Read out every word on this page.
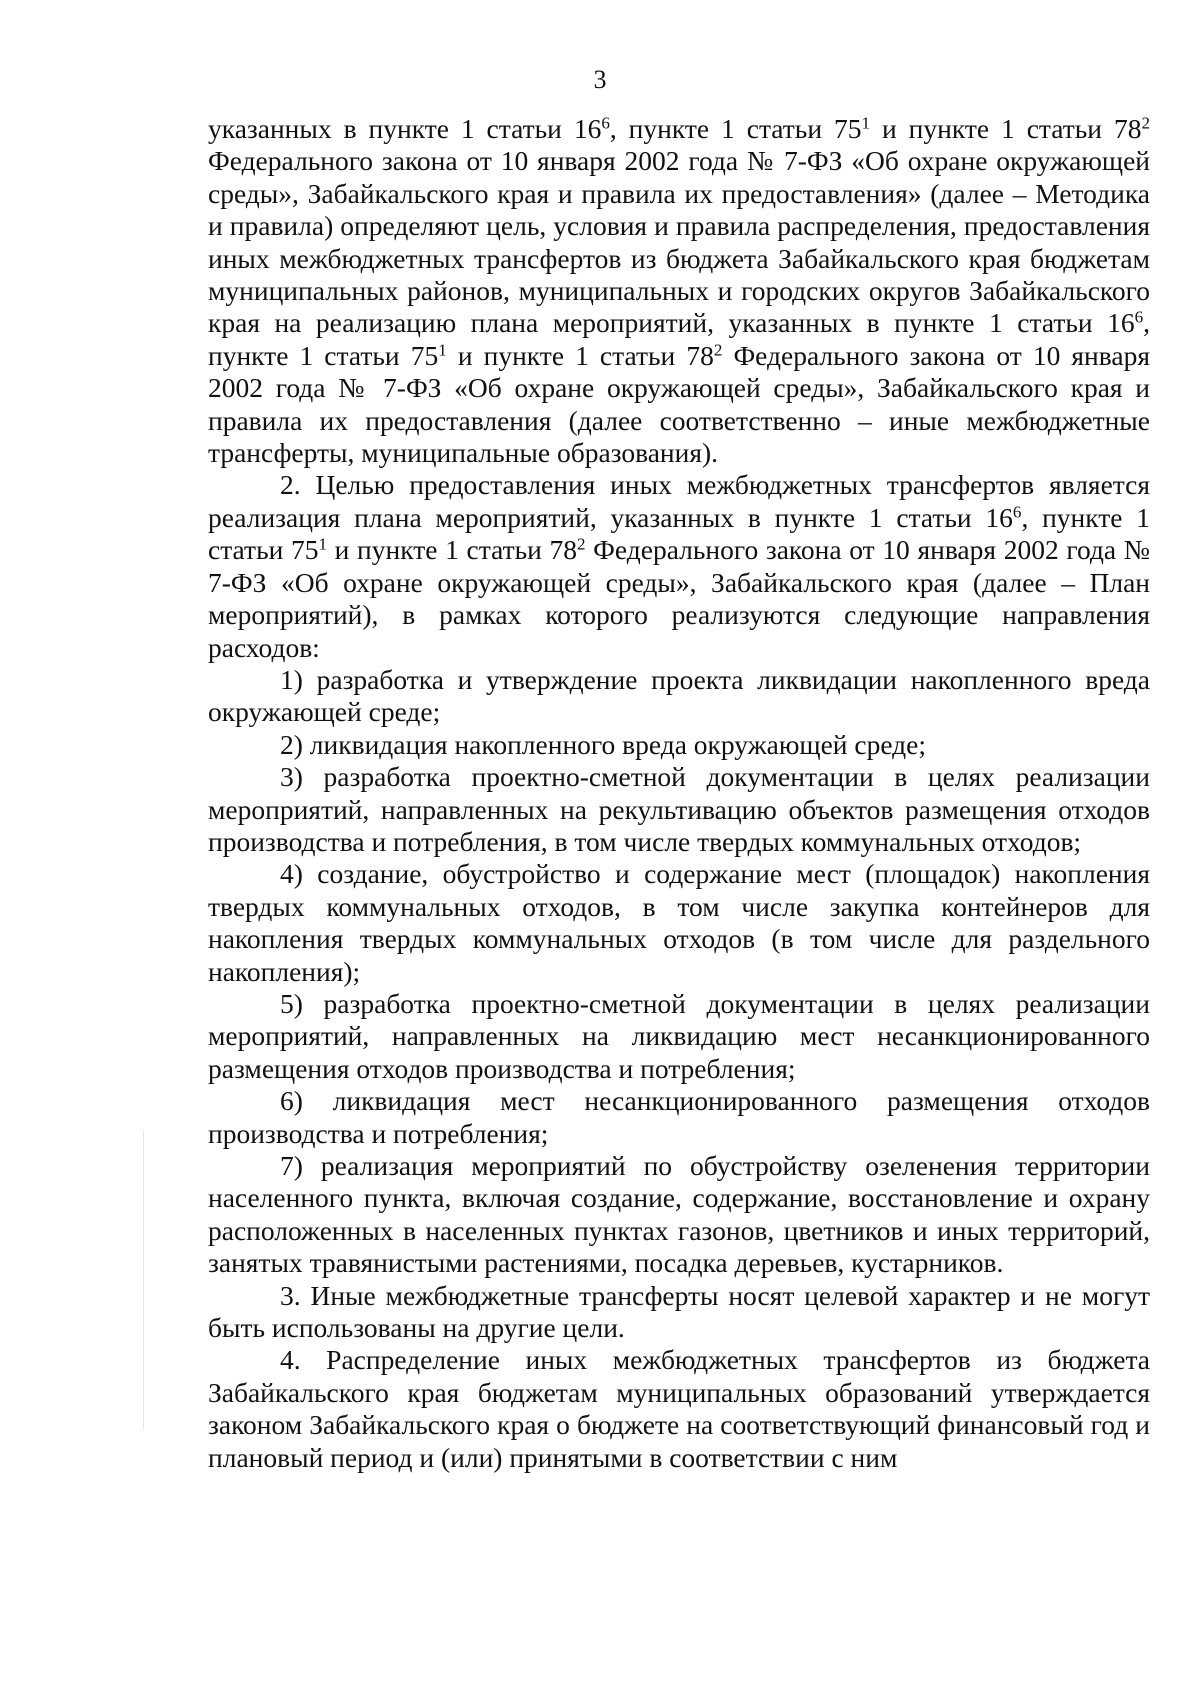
3

указанных в пункте 1 статьи $16^6$, пункте 1 статьи $75^1$ и пункте 1 статьи $78^2$ Федерального закона от 10 января 2002 года № 7-ФЗ «Об охране окружающей среды», Забайкальского края и правила их предоставления» (далее – Методика и правила) определяют цель, условия и правила распределения, предоставления иных межбюджетных трансфертов из бюджета Забайкальского края бюджетам муниципальных районов, муниципальных и городских округов Забайкальского края на реализацию плана мероприятий, указанных в пункте 1 статьи $16^6$, пункте 1 статьи $75^1$ и пункте 1 статьи $78^2$ Федерального закона от 10 января 2002 года № 7-ФЗ «Об охране окружающей среды», Забайкальского края и правила их предоставления (далее соответственно – иные межбюджетные трансферты, муниципальные образования).

2. Целью предоставления иных межбюджетных трансфертов является реализация плана мероприятий, указанных в пункте 1 статьи $16^6$, пункте 1 статьи $75^1$ и пункте 1 статьи $78^2$ Федерального закона от 10 января 2002 года № 7-ФЗ «Об охране окружающей среды», Забайкальского края (далее – План мероприятий), в рамках которого реализуются следующие направления расходов:

1) разработка и утверждение проекта ликвидации накопленного вреда окружающей среде;

2) ликвидация накопленного вреда окружающей среде;

3) разработка проектно-сметной документации в целях реализации мероприятий, направленных на рекультивацию объектов размещения отходов производства и потребления, в том числе твердых коммунальных отходов;

4) создание, обустройство и содержание мест (площадок) накопления твердых коммунальных отходов, в том числе закупка контейнеров для накопления твердых коммунальных отходов (в том числе для раздельного накопления);

5) разработка проектно-сметной документации в целях реализации мероприятий, направленных на ликвидацию мест несанкционированного размещения отходов производства и потребления;

6) ликвидация мест несанкционированного размещения отходов производства и потребления;

7) реализация мероприятий по обустройству озеленения территории населенного пункта, включая создание, содержание, восстановление и охрану расположенных в населенных пунктах газонов, цветников и иных территорий, занятых травянистыми растениями, посадка деревьев, кустарников.

3. Иные межбюджетные трансферты носят целевой характер и не могут быть использованы на другие цели.

4. Распределение иных межбюджетных трансфертов из бюджета Забайкальского края бюджетам муниципальных образований утверждается законом Забайкальского края о бюджете на соответствующий финансовый год и плановый период и (или) принятыми в соответствии с ним
